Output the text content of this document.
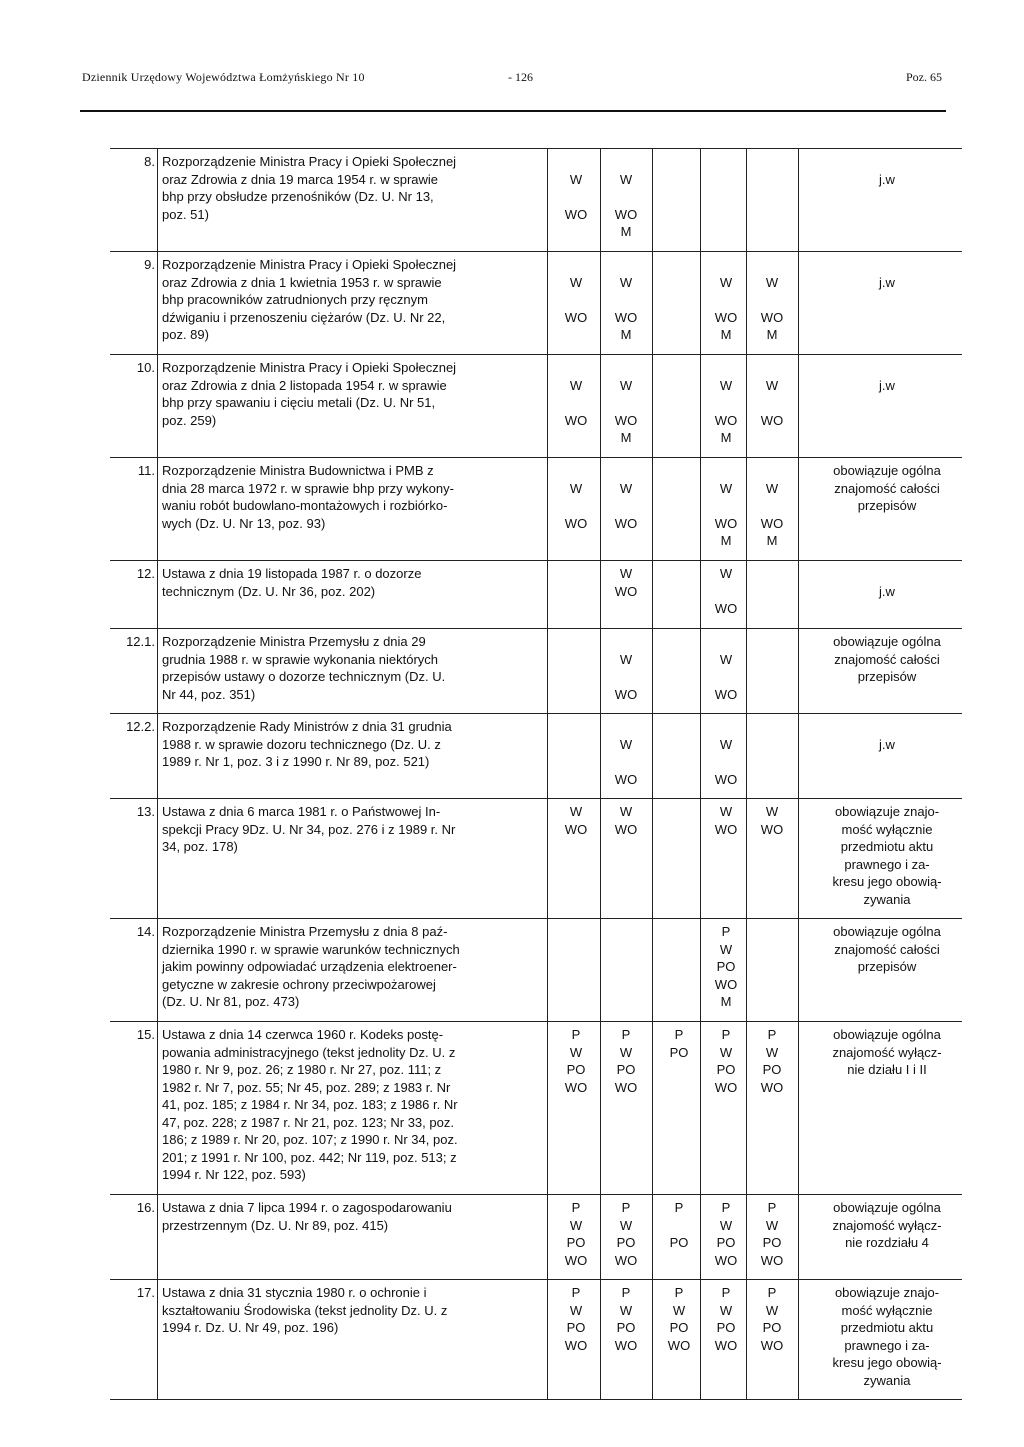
Dziennik Urzędowy Województwa Łomżyńskiego Nr 10	- 126	Poz. 65
8. Rozporządzenie Ministra Pracy i Opieki Społecznej
oraz Zdrowia z dnia 19 marca 1954 r. w sprawie
bhp przy obsłudze przenośników (Dz. U. Nr 13,
poz. 51)

W

WO

W

WO
M

j.w
9. Rozporządzenie Ministra Pracy i Opieki Społecznej
oraz Zdrowia z dnia 1 kwietnia 1953 r. w sprawie
bhp pracowników zatrudnionych przy ręcznym
dźwiganiu i przenoszeniu ciężarów (Dz. U. Nr 22,
poz. 89)

W

WO

W

WO
M

W

WO
M

W

WO
M

j.w
10. Rozporządzenie Ministra Pracy i Opieki Społecznej
oraz Zdrowia z dnia 2 listopada 1954 r. w sprawie
bhp przy spawaniu i cięciu metali (Dz. U. Nr 51,
poz. 259)

W

WO

W

WO
M

W

WO
M

W

WO

j.w
11. Rozporządzenie Ministra Budownictwa i PMB z
dnia 28 marca 1972 r. w sprawie bhp przy wykony-
waniu robót budowlano-montażowych i rozbiórko-
wych (Dz. U. Nr 13, poz. 93)

W

WO

W

WO

W

WO
M

W

WO
M
obowiązuje ogólna
znajomość całości
przepisów
12. Ustawa z dnia 19 listopada 1987 r. o dozorze
technicznym (Dz. U. Nr 36, poz. 202)
W
WO
W

WO

j.w
12.1. Rozporządzenie Ministra Przemysłu z dnia 29
grudnia 1988 r. w sprawie wykonania niektórych
przepisów ustawy o dozorze technicznym (Dz. U.
Nr 44, poz. 351)

W

WO

W

WO
obowiązuje ogólna
znajomość całości
przepisów
12.2. Rozporządzenie Rady Ministrów z dnia 31 grudnia
1988 r. w sprawie dozoru technicznego (Dz. U. z
1989 r. Nr 1, poz. 3 i z 1990 r. Nr 89, poz. 521)

W

WO

W

WO

j.w
13. Ustawa z dnia 6 marca 1981 r. o Państwowej In-
spekcji Pracy 9Dz. U. Nr 34, poz. 276 i z 1989 r. Nr
34, poz. 178)
W
WO
W
WO
W
WO
W
WO
obowiązuje znajo-
mość wyłącznie
przedmiotu aktu
prawnego i za-
kresu jego obowią-
zywania
14. Rozporządzenie Ministra Przemysłu z dnia 8 paź-
dziernika 1990 r. w sprawie warunków technicznych
jakim powinny odpowiadać urządzenia elektroener-
getyczne w zakresie ochrony przeciwpożarowej
(Dz. U. Nr 81, poz. 473)
P
W
PO
WO
M
obowiązuje ogólna
znajomość całości
przepisów
15. Ustawa z dnia 14 czerwca 1960 r. Kodeks postę-
powania administracyjnego (tekst jednolity Dz. U. z
1980 r. Nr 9, poz. 26; z 1980 r. Nr 27, poz. 111; z
1982 r. Nr 7, poz. 55; Nr 45, poz. 289; z 1983 r. Nr
41, poz. 185; z 1984 r. Nr 34, poz. 183; z 1986 r. Nr
47, poz. 228; z 1987 r. Nr 21, poz. 123; Nr 33, poz.
186; z 1989 r. Nr 20, poz. 107; z 1990 r. Nr 34, poz.
201; z 1991 r. Nr 100, poz. 442; Nr 119, poz. 513; z
1994 r. Nr 122, poz. 593)
P
W
PO
WO
P
W
PO
WO
P
PO
P
W
PO
WO
P
W
PO
WO
obowiązuje ogólna
znajomość wyłącz-
nie działu I i II
16. Ustawa z dnia 7 lipca 1994 r. o zagospodarowaniu
przestrzennym (Dz. U. Nr 89, poz. 415)
P
W
PO
WO
P
W
PO
WO
P

PO
P
W
PO
WO
P
W
PO
WO
obowiązuje ogólna
znajomość wyłącz-
nie rozdziału 4
17. Ustawa z dnia 31 stycznia 1980 r. o ochronie i
kształtowaniu Środowiska (tekst jednolity Dz. U. z
1994 r. Dz. U. Nr 49, poz. 196)
P
W
PO
WO
P
W
PO
WO
P
W
PO
WO
P
W
PO
WO
P
W
PO
WO
obowiązuje znajo-
mość wyłącznie
przedmiotu aktu
prawnego i za-
kresu jego obowią-
zywania
